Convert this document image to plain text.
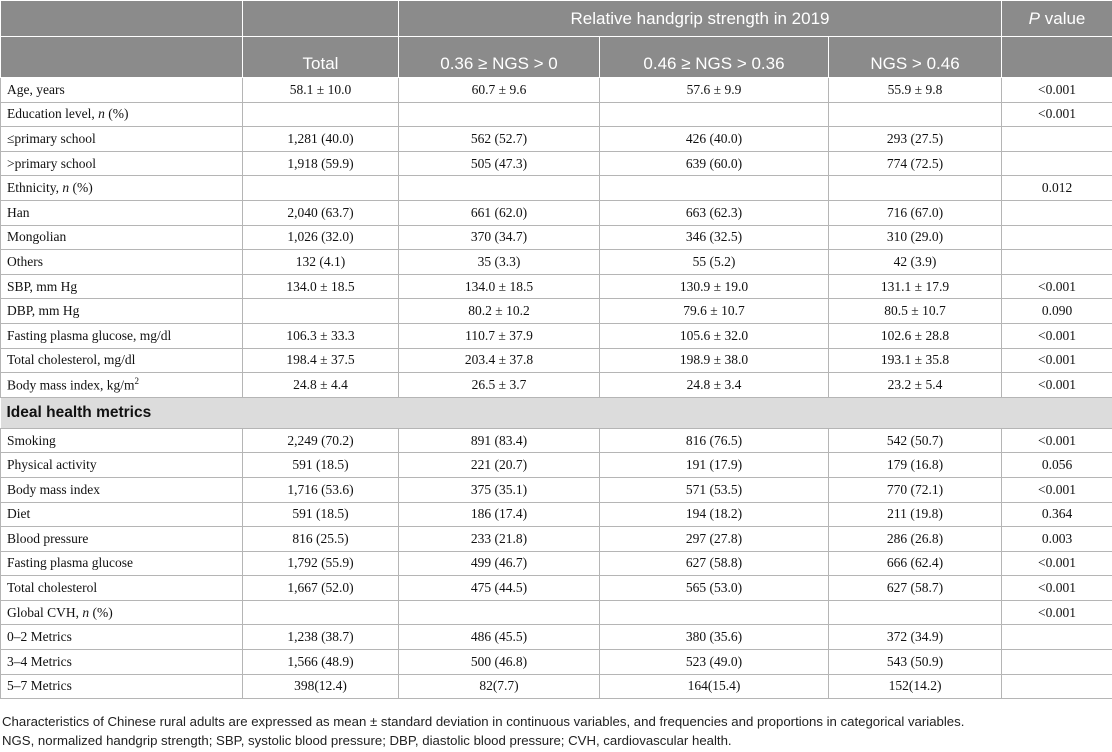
		Relative handgrip strength in 2019			P value
	Total	0.36 ≥ NGS > 0	0.46 ≥ NGS > 0.36	NGS > 0.46	
Age, years	58.1 ± 10.0	60.7 ± 9.6	57.6 ± 9.9	55.9 ± 9.8	<0.001
Education level, n (%)					<0.001
≤primary school	1,281 (40.0)	562 (52.7)	426 (40.0)	293 (27.5)	
>primary school	1,918 (59.9)	505 (47.3)	639 (60.0)	774 (72.5)	
Ethnicity, n (%)					0.012
Han	2,040 (63.7)	661 (62.0)	663 (62.3)	716 (67.0)	
Mongolian	1,026 (32.0)	370 (34.7)	346 (32.5)	310 (29.0)	
Others	132 (4.1)	35 (3.3)	55 (5.2)	42 (3.9)	
SBP, mm Hg	134.0 ± 18.5	134.0 ± 18.5	130.9 ± 19.0	131.1 ± 17.9	<0.001
DBP, mm Hg		80.2 ± 10.2	79.6 ± 10.7	80.5 ± 10.7	0.090
Fasting plasma glucose, mg/dl	106.3 ± 33.3	110.7 ± 37.9	105.6 ± 32.0	102.6 ± 28.8	<0.001
Total cholesterol, mg/dl	198.4 ± 37.5	203.4 ± 37.8	198.9 ± 38.0	193.1 ± 35.8	<0.001
Body mass index, $kg/m^2$	24.8 ± 4.4	26.5 ± 3.7	24.8 ± 3.4	23.2 ± 5.4	<0.001
Ideal health metrics					
Smoking	2,249 (70.2)	891 (83.4)	816 (76.5)	542 (50.7)	<0.001
Physical activity	591 (18.5)	221 (20.7)	191 (17.9)	179 (16.8)	0.056
Body mass index	1,716 (53.6)	375 (35.1)	571 (53.5)	770 (72.1)	<0.001
Diet	591 (18.5)	186 (17.4)	194 (18.2)	211 (19.8)	0.364
Blood pressure	816 (25.5)	233 (21.8)	297 (27.8)	286 (26.8)	0.003
Fasting plasma glucose	1,792 (55.9)	499 (46.7)	627 (58.8)	666 (62.4)	<0.001
Total cholesterol	1,667 (52.0)	475 (44.5)	565 (53.0)	627 (58.7)	<0.001
Global CVH, n (%)					<0.001
0–2 Metrics	1,238 (38.7)	486 (45.5)	380 (35.6)	372 (34.9)	
3–4 Metrics	1,566 (48.9)	500 (46.8)	523 (49.0)	543 (50.9)	
5–7 Metrics	398(12.4)	82(7.7)	164(15.4)	152(14.2)	
Characteristics of Chinese rural adults are expressed as mean ± standard deviation in continuous variables, and frequencies and proportions in categorical variables.
NGS, normalized handgrip strength; SBP, systolic blood pressure; DBP, diastolic blood pressure; CVH, cardiovascular health.
